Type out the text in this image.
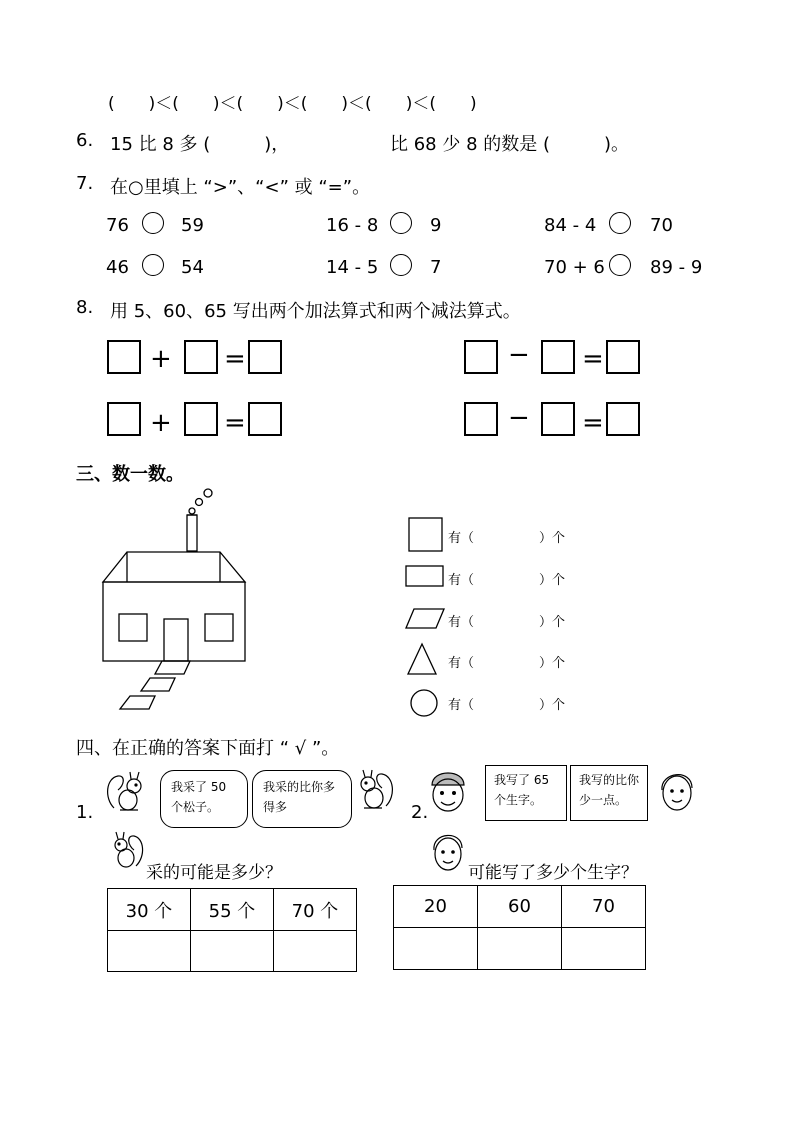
(　　)＜(　　)＜(　　)＜(　　)＜(　　)＜(　　)
6. 15 比 8 多 (　　　)，	比 68 少 8 的数是 (　　　)。
7. 在○里填上 “>”、“<” 或 “=”。
76	59	16 - 8	9	84 - 4	70
46	54	14 - 5	7	70 + 6	89 - 9
8. 用 5、60、65 写出两个加法算式和两个减法算式。
+ =	− =
+ =	− =
三、数一数。
有（　　　　　）个
有（　　　　　）个
有（　　　　　）个
有（　　　　　）个
有（　　　　　）个
四、在正确的答案下面打 “ √ ”。
1.
我采了 50 个松子。
我采的比你多得多
采的可能是多少？
30 个	55 个	70 个

2.
我写了 65 个生字。
我写的比你少一点。
可能写了多少个生字？
20	60	70
